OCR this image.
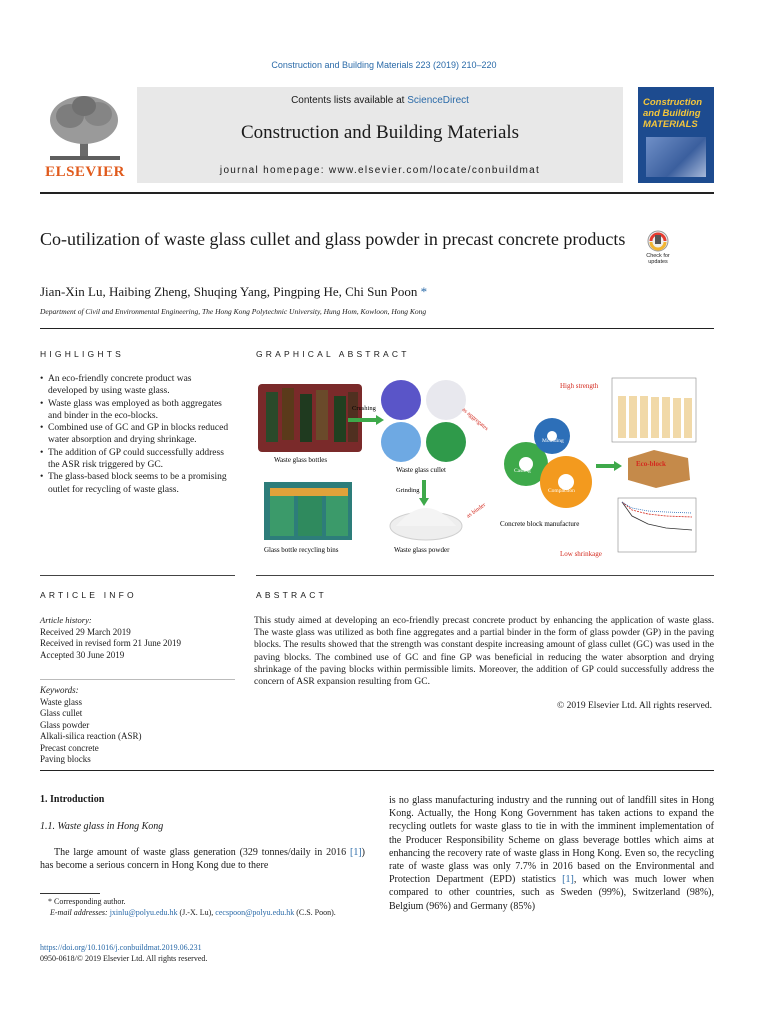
Construction and Building Materials 223 (2019) 210–220
ELSEVIER
Contents lists available at ScienceDirect
Construction and Building Materials
journal homepage: www.elsevier.com/locate/conbuildmat
Construction and Building MATERIALS
Co-utilization of waste glass cullet and glass powder in precast concrete products
Check for updates
Jian-Xin Lu, Haibing Zheng, Shuqing Yang, Pingping He, Chi Sun Poon *
Department of Civil and Environmental Engineering, The Hong Kong Polytechnic University, Hung Hom, Kowloon, Hong Kong
HIGHLIGHTS
• An eco-friendly concrete product was developed by using waste glass.
• Waste glass was employed as both aggregates and binder in the eco-blocks.
• Combined use of GC and GP in blocks reduced water absorption and drying shrinkage.
• The addition of GP could successfully address the ASR risk triggered by GC.
• The glass-based block seems to be a promising outlet for recycling of waste glass.
GRAPHICAL ABSTRACT
Waste glass bottles
Glass bottle recycling bins
Crushing
Waste glass cullet
Grinding
Waste glass powder
as aggregates
as binder
Moulding
Casting
Compaction
Concrete block manufacture
Eco-block
High strength
Low shrinkage
ARTICLE INFO
Article history:
Received 29 March 2019
Received in revised form 21 June 2019
Accepted 30 June 2019
Keywords:
Waste glass
Glass cullet
Glass powder
Alkali-silica reaction (ASR)
Precast concrete
Paving blocks
ABSTRACT
This study aimed at developing an eco-friendly precast concrete product by enhancing the application of waste glass. The waste glass was utilized as both fine aggregates and a partial binder in the form of glass powder (GP) in the paving blocks. The results showed that the strength was constant despite increasing amount of glass cullet (GC) was used in the paving blocks. The combined use of GC and fine GP was beneficial in reducing the water absorption and drying shrinkage of the paving blocks within permissible limits. Moreover, the addition of GP could successfully address the concern of ASR expansion resulting from GC.
© 2019 Elsevier Ltd. All rights reserved.
1. Introduction
1.1. Waste glass in Hong Kong
The large amount of waste glass generation (329 tonnes/daily in 2016 [1]) has become a serious concern in Hong Kong due to there
is no glass manufacturing industry and the running out of landfill sites in Hong Kong. Actually, the Hong Kong Government has taken actions to expand the recycling outlets for waste glass to tie in with the imminent implementation of the Producer Responsibility Scheme on glass beverage bottles which aims at enhancing the recovery rate of waste glass in Hong Kong. Even so, the recycling rate of waste glass was only 7.7% in 2016 based on the Environmental and Protection Department (EPD) statistics [1], which was much lower when compared to other countries, such as Sweden (99%), Switzerland (98%), Belgium (96%) and Germany (85%)
* Corresponding author.
E-mail addresses: jxinlu@polyu.edu.hk (J.-X. Lu), cecspoon@polyu.edu.hk (C.S. Poon).
https://doi.org/10.1016/j.conbuildmat.2019.06.231
0950-0618/© 2019 Elsevier Ltd. All rights reserved.
